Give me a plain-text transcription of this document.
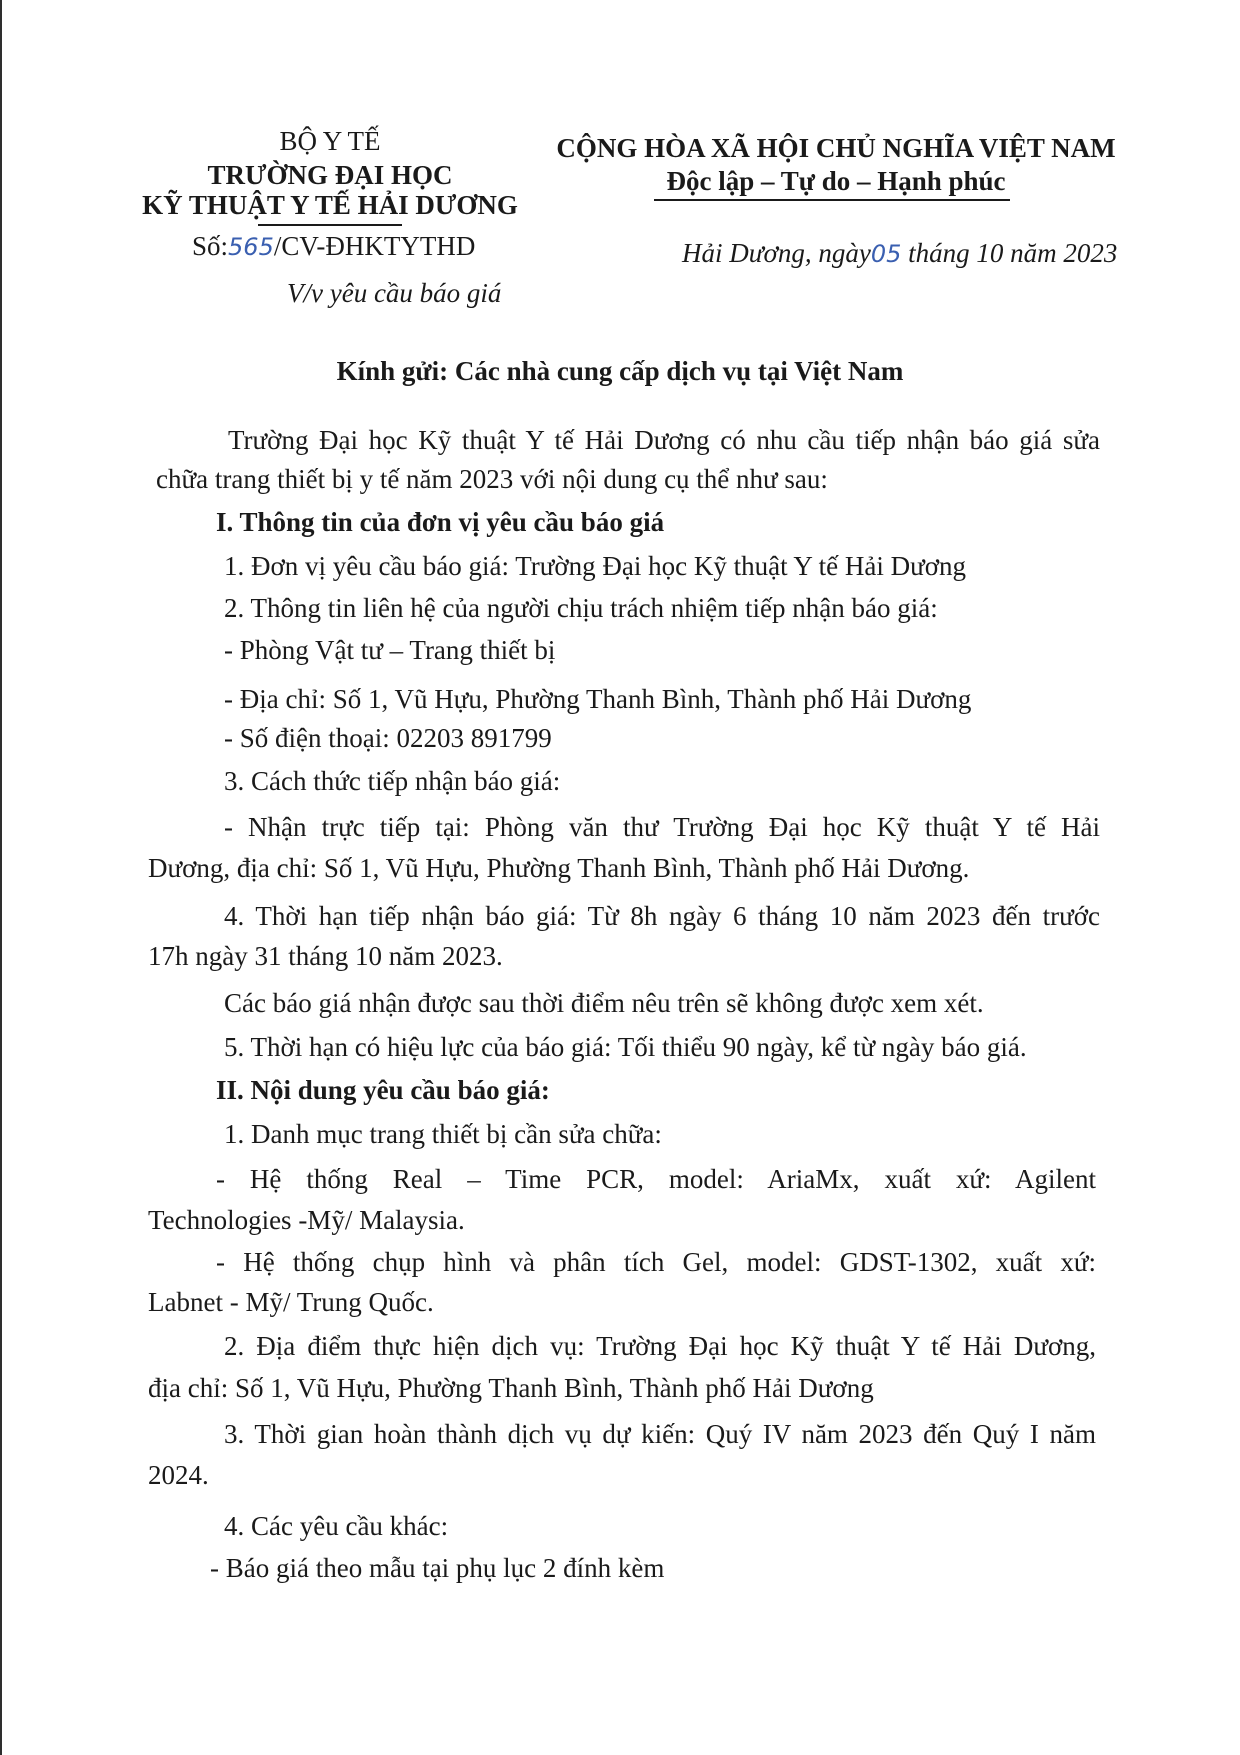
BỘ Y TẾ
TRƯỜNG ĐẠI HỌC
KỸ THUẬT Y TẾ HẢI DƯƠNG
Số:565/CV-ĐHKTYTHD
V/v yêu cầu báo giá
CỘNG HÒA XÃ HỘI CHỦ NGHĨA VIỆT NAM
Độc lập – Tự do – Hạnh phúc
Hải Dương, ngày05 tháng 10 năm 2023
Kính gửi: Các nhà cung cấp dịch vụ tại Việt Nam
Trường Đại học Kỹ thuật Y tế Hải Dương có nhu cầu tiếp nhận báo giá sửa
chữa trang thiết bị y tế năm 2023 với nội dung cụ thể như sau:
I. Thông tin của đơn vị yêu cầu báo giá
1. Đơn vị yêu cầu báo giá: Trường Đại học Kỹ thuật Y tế Hải Dương
2. Thông tin liên hệ của người chịu trách nhiệm tiếp nhận báo giá:
- Phòng Vật tư – Trang thiết bị
- Địa chỉ: Số 1, Vũ Hựu, Phường Thanh Bình, Thành phố Hải Dương
- Số điện thoại: 02203 891799
3. Cách thức tiếp nhận báo giá:
- Nhận trực tiếp tại: Phòng văn thư Trường Đại học Kỹ thuật Y tế Hải
Dương, địa chỉ: Số 1, Vũ Hựu, Phường Thanh Bình, Thành phố Hải Dương.
4. Thời hạn tiếp nhận báo giá: Từ 8h ngày 6 tháng 10 năm 2023 đến trước
17h ngày 31 tháng 10 năm 2023.
Các báo giá nhận được sau thời điểm nêu trên sẽ không được xem xét.
5. Thời hạn có hiệu lực của báo giá: Tối thiểu 90 ngày, kể từ ngày báo giá.
II. Nội dung yêu cầu báo giá:
1. Danh mục trang thiết bị cần sửa chữa:
- Hệ thống Real – Time PCR, model: AriaMx, xuất xứ: Agilent
Technologies -Mỹ/ Malaysia.
- Hệ thống chụp hình và phân tích Gel, model: GDST-1302, xuất xứ:
Labnet - Mỹ/ Trung Quốc.
2. Địa điểm thực hiện dịch vụ: Trường Đại học Kỹ thuật Y tế Hải Dương,
địa chỉ: Số 1, Vũ Hựu, Phường Thanh Bình, Thành phố Hải Dương
3. Thời gian hoàn thành dịch vụ dự kiến: Quý IV năm 2023 đến Quý I năm
2024.
4. Các yêu cầu khác:
- Báo giá theo mẫu tại phụ lục 2 đính kèm
